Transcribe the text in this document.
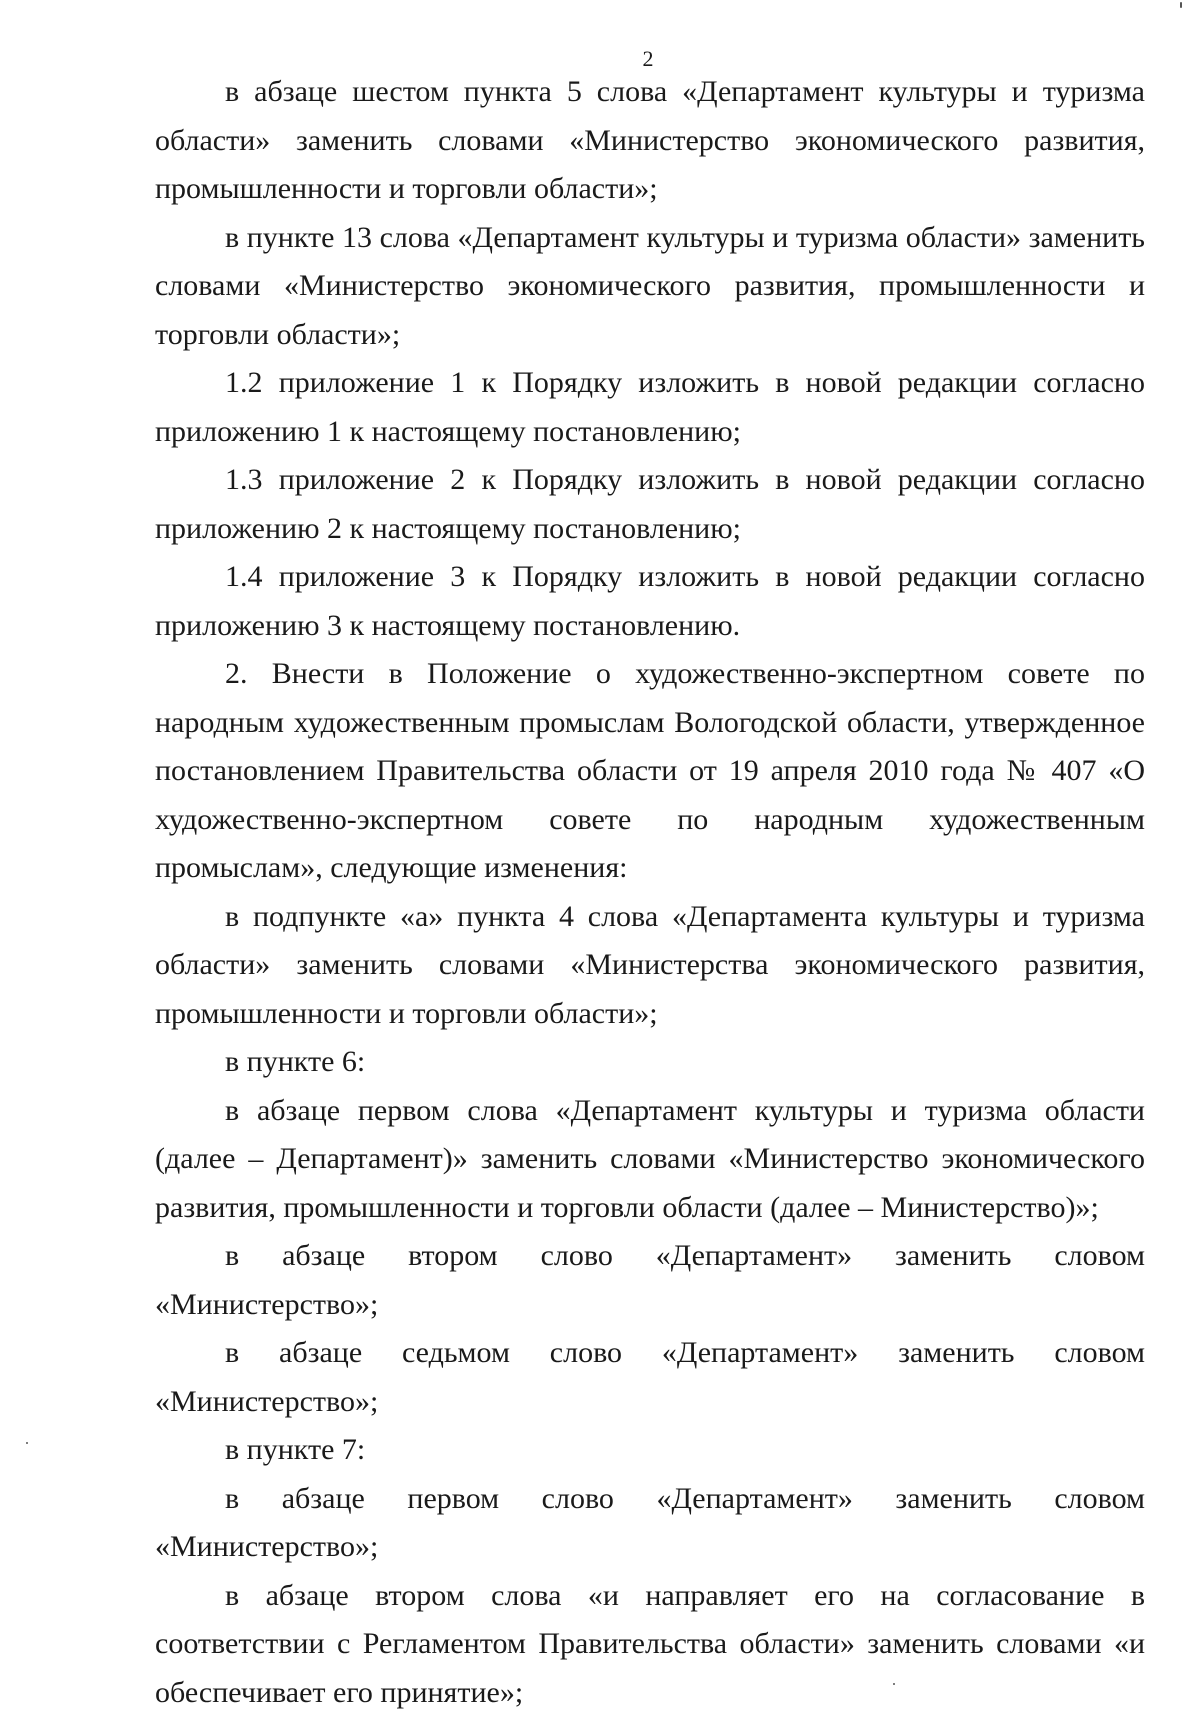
2

в абзаце шестом пункта 5 слова «Департамент культуры и туризма области» заменить словами «Министерство экономического развития, промышленности и торговли области»;

в пункте 13 слова «Департамент культуры и туризма области» заменить словами «Министерство экономического развития, промышленности и торговли области»;

1.2 приложение 1 к Порядку изложить в новой редакции согласно приложению 1 к настоящему постановлению;

1.3 приложение 2 к Порядку изложить в новой редакции согласно приложению 2 к настоящему постановлению;

1.4 приложение 3 к Порядку изложить в новой редакции согласно приложению 3 к настоящему постановлению.

2. Внести в Положение о художественно-экспертном совете по народным художественным промыслам Вологодской области, утвержденное постановлением Правительства области от 19 апреля 2010 года № 407 «О художественно-экспертном совете по народным художественным промыслам», следующие изменения:

в подпункте «а» пункта 4 слова «Департамента культуры и туризма области» заменить словами «Министерства экономического развития, промышленности и торговли области»;

в пункте 6:

в абзаце первом слова «Департамент культуры и туризма области (далее – Департамент)» заменить словами «Министерство экономического развития, промышленности и торговли области (далее – Министерство)»;

в абзаце втором слово «Департамент» заменить словом «Министерство»;

в абзаце седьмом слово «Департамент» заменить словом «Министерство»;

в пункте 7:

в абзаце первом слово «Департамент» заменить словом «Министерство»;

в абзаце втором слова «и направляет его на согласование в соответствии с Регламентом Правительства области» заменить словами «и обеспечивает его принятие»;
